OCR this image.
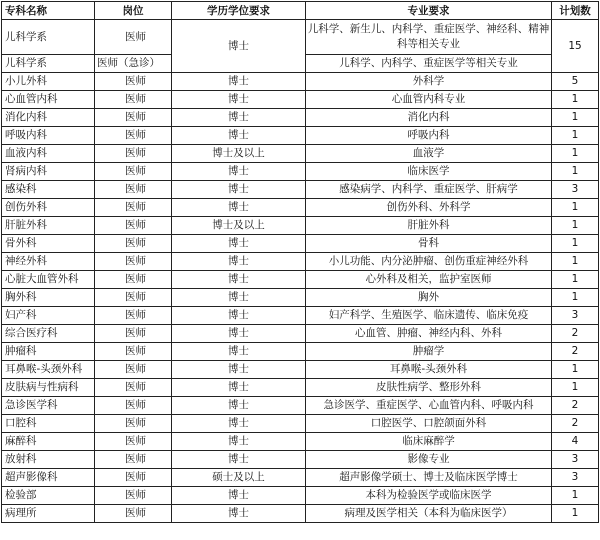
专科名称	岗位	学历学位要求	专业要求	计划数
儿科学系	医师	博士	儿科学、新生儿、内科学、重症医学、神经科、精神科等相关专业	15
儿科学系	医师（急诊）		儿科学、内科学、重症医学等相关专业	
小儿外科	医师	博士	外科学	5
心血管内科	医师	博士	心血管内科专业	1
消化内科	医师	博士	消化内科	1
呼吸内科	医师	博士	呼吸内科	1
血液内科	医师	博士及以上	血液学	1
肾病内科	医师	博士	临床医学	1
感染科	医师	博士	感染病学、内科学、重症医学、肝病学	3
创伤外科	医师	博士	创伤外科、外科学	1
肝脏外科	医师	博士及以上	肝脏外科	1
骨外科	医师	博士	骨科	1
神经外科	医师	博士	小儿功能、内分泌肿瘤、创伤重症神经外科	1
心脏大血管外科	医师	博士	心外科及相关，监护室医师	1
胸外科	医师	博士	胸外	1
妇产科	医师	博士	妇产科学、生殖医学、临床遗传、临床免疫	3
综合医疗科	医师	博士	心血管、肿瘤、神经内科、外科	2
肿瘤科	医师	博士	肿瘤学	2
耳鼻喉-头颈外科	医师	博士	耳鼻喉-头颈外科	1
皮肤病与性病科	医师	博士	皮肤性病学、整形外科	1
急诊医学科	医师	博士	急诊医学、重症医学、心血管内科、呼吸内科	2
口腔科	医师	博士	口腔医学、口腔颌面外科	2
麻醉科	医师	博士	临床麻醉学	4
放射科	医师	博士	影像专业	3
超声影像科	医师	硕士及以上	超声影像学硕士、博士及临床医学博士	3
检验部	医师	博士	本科为检验医学或临床医学	1
病理所	医师	博士	病理及医学相关（本科为临床医学）	1
